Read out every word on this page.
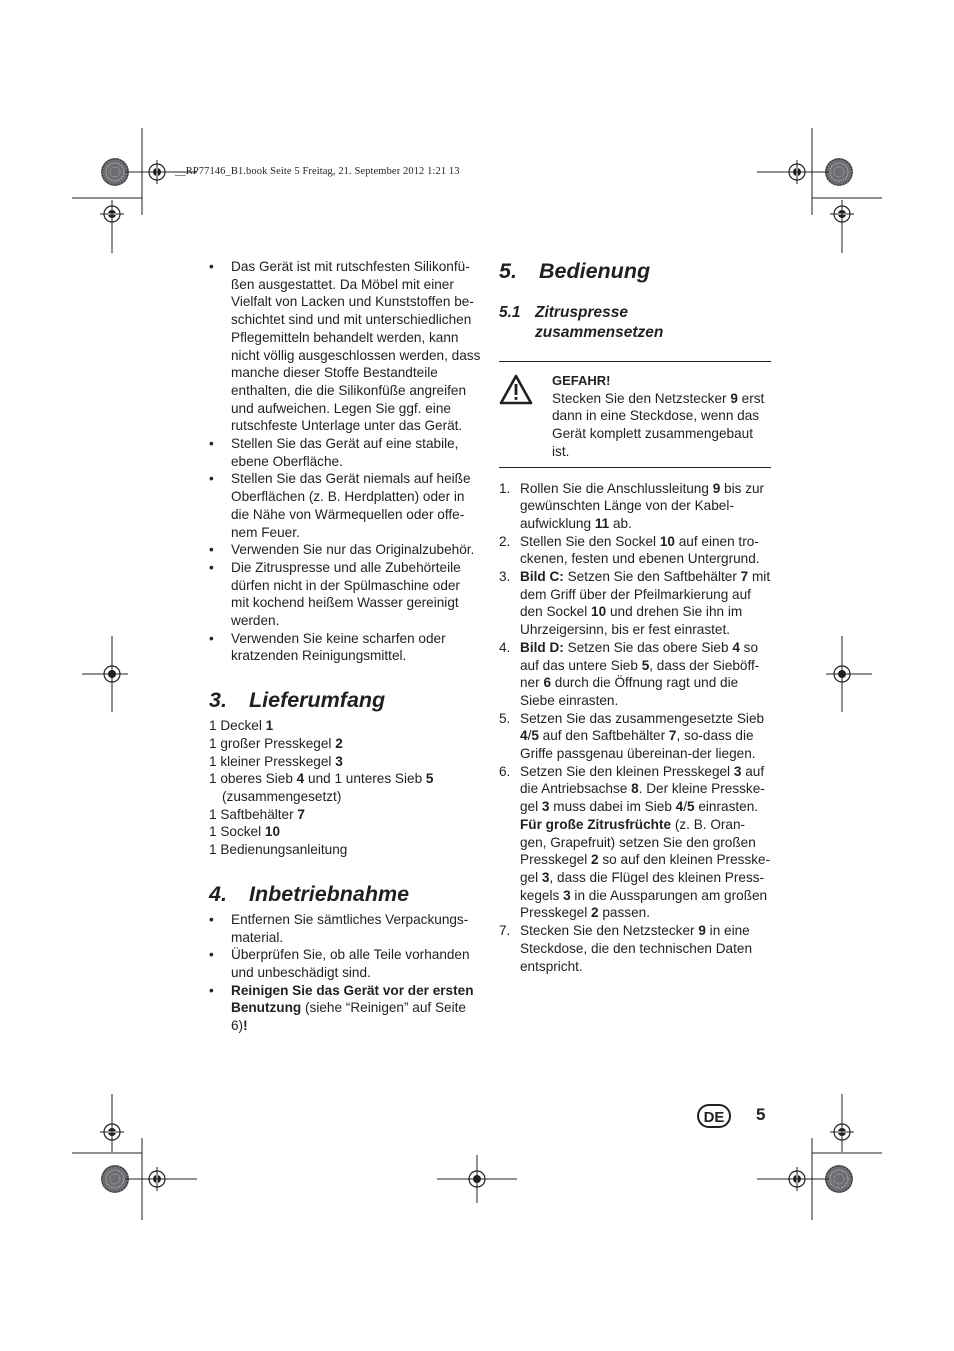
__RP77146_B1.book Seite 5 Freitag, 21. September 2012 1:21 13
• Das Gerät ist mit rutschfesten Silikonfü-ßen ausgestattet. Da Möbel mit einer Vielfalt von Lacken und Kunststoffen be-schichtet sind und mit unterschiedlichen Pflegemitteln behandelt werden, kann nicht völlig ausgeschlossen werden, dass manche dieser Stoffe Bestandteile enthalten, die die Silikonfüße angreifen und aufweichen. Legen Sie ggf. eine rutschfeste Unterlage unter das Gerät.
• Stellen Sie das Gerät auf eine stabile, ebene Oberfläche.
• Stellen Sie das Gerät niemals auf heiße Oberflächen (z. B. Herdplatten) oder in die Nähe von Wärmequellen oder offe-nem Feuer.
• Verwenden Sie nur das Originalzubehör.
• Die Zitruspresse und alle Zubehörteile dürfen nicht in der Spülmaschine oder mit kochend heißem Wasser gereinigt werden.
• Verwenden Sie keine scharfen oder kratzenden Reinigungsmittel.
3. Lieferumfang
1 Deckel 1
1 großer Presskegel 2
1 kleiner Presskegel 3
1 oberes Sieb 4 und 1 unteres Sieb 5 (zusammengesetzt)
1 Saftbehälter 7
1 Sockel 10
1 Bedienungsanleitung
4. Inbetriebnahme
• Entfernen Sie sämtliches Verpackungs-material.
• Überprüfen Sie, ob alle Teile vorhanden und unbeschädigt sind.
• Reinigen Sie das Gerät vor der ersten Benutzung (siehe “Reinigen” auf Seite 6)!
5. Bedienung
5.1 Zitruspresse
zusammensetzen
GEFAHR!
Stecken Sie den Netzstecker 9 erst dann in eine Steckdose, wenn das Gerät komplett zusammengebaut ist.
1. Rollen Sie die Anschlussleitung 9 bis zur gewünschten Länge von der Kabel-aufwicklung 11 ab.
2. Stellen Sie den Sockel 10 auf einen tro-ckenen, festen und ebenen Untergrund.
3. Bild C: Setzen Sie den Saftbehälter 7 mit dem Griff über der Pfeilmarkierung auf den Sockel 10 und drehen Sie ihn im Uhrzeigersinn, bis er fest einrastet.
4. Bild D: Setzen Sie das obere Sieb 4 so auf das untere Sieb 5, dass der Sieböff-ner 6 durch die Öffnung ragt und die Siebe einrasten.
5. Setzen Sie das zusammengesetzte Sieb 4/5 auf den Saftbehälter 7, so-dass die Griffe passgenau übereinan-der liegen.
6. Setzen Sie den kleinen Presskegel 3 auf die Antriebsachse 8. Der kleine Presske-gel 3 muss dabei im Sieb 4/5 einrasten. Für große Zitrusfrüchte (z. B. Oran-gen, Grapefruit) setzen Sie den großen Presskegel 2 so auf den kleinen Presske-gel 3, dass die Flügel des kleinen Press-kegels 3 in die Aussparungen am großen Presskegel 2 passen.
7. Stecken Sie den Netzstecker 9 in eine Steckdose, die den technischen Daten entspricht.
DE	5
